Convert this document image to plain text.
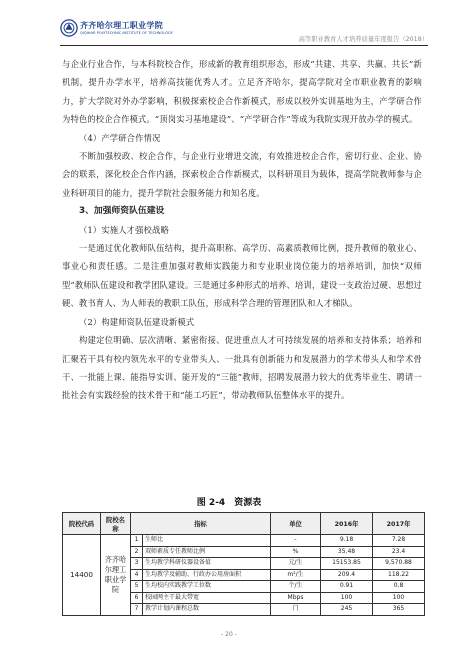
齐齐哈尔理工职业学院
QIQIHAR POLYTECHNIC INSTITUTE OF TECHNOLOGY
高等职业教育人才培养质量年度报告（2018）

与企业行业合作，与本科院校合作，形成新的教育组织形态，形成“共建、共享、共赢、共长”新机制，提升办学水平，培养高技能优秀人才。立足齐齐哈尔，提高学院对全市职业教育的影响力，扩大学院对外办学影响，积极探索校企合作新模式，形成以校外实训基地为主，产学研合作为特色的校企合作模式。“顶岗实习基地建设”、“产学研合作”等成为我院实现开放办学的模式。

（4）产学研合作情况

不断加强校政、校企合作，与企业行业增进交流，有效推进校企合作，密切行业、企业、协会的联系，深化校企合作内涵，探索校企合作新模式，以科研项目为载体，提高学院教师参与企业科研项目的能力，提升学院社会服务能力和知名度。

3、加强师资队伍建设

（1）实施人才强校战略

一是通过优化教师队伍结构，提升高职称、高学历、高素质教师比例，提升教师的敬业心、事业心和责任感。二是注重加强对教师实践能力和专业职业岗位能力的培养培训，加快“双师型”教师队伍建设和教学团队建设。三是通过多种形式的培养、培训，建设一支政治过硬、思想过硬、教书育人、为人师表的教职工队伍，形成科学合理的管理团队和人才梯队。

（2）构建师资队伍建设新模式

构建定位明确、层次清晰、紧密衔接、促进重点人才可持续发展的培养和支持体系；培养和汇聚若干具有校内领先水平的专业带头人、一批具有创新能力和发展潜力的学术带头人和学术骨干、一批能上课、能指导实训、能开发的“三能”教师，招聘发展潜力较大的优秀毕业生、聘请一批社会有实践经验的技术骨干和“能工巧匠”，带动教师队伍整体水平的提升。

图 2-4　资源表
院校代码	院校名称	指标		单位	2016年	2017年
14400	齐齐哈尔理工职业学院	1	生师比	-	9.18	7.28
		2	双师素质专任教师比例	%	35.48	23.4
		3	生均教学科研仪器设备值	元/生	15153.85	9,570.88
		4	生均教学及辅助、行政办公用房面积	m²/生	209.4	118.22
		5	生均校内实践教学工位数	个/生	0.91	0.8
		6	校园网主干最大带宽	Mbps	100	100
		7	教学计划内课程总数	门	245	365
- 20 -
